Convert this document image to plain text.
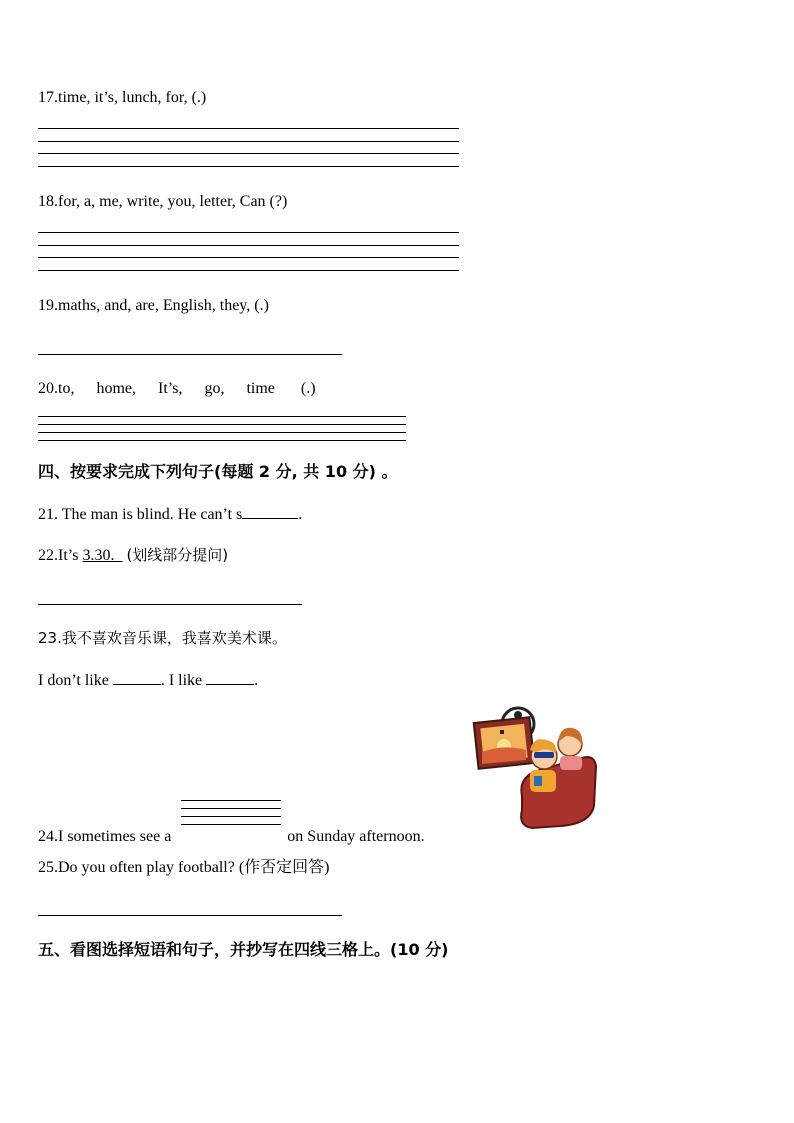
17.time, it’s, lunch, for, (.)
18.for, a, me, write, you, letter, Can (?)
19.maths, and, are, English, they, (.)
20.to, home, It’s, go, time (.)
四、按要求完成下列句子(每题 2 分, 共 10 分) 。
21. The man is blind. He can’t s	.
22.It’s 3.30.   (划线部分提问)
23.我不喜欢音乐课，我喜欢美术课。
I don’t like	. I like	.
24.I sometimes see a	on Sunday afternoon.
25.Do you often play football? (作否定回答)
五、看图选择短语和句子，并抄写在四线三格上。(10 分)
